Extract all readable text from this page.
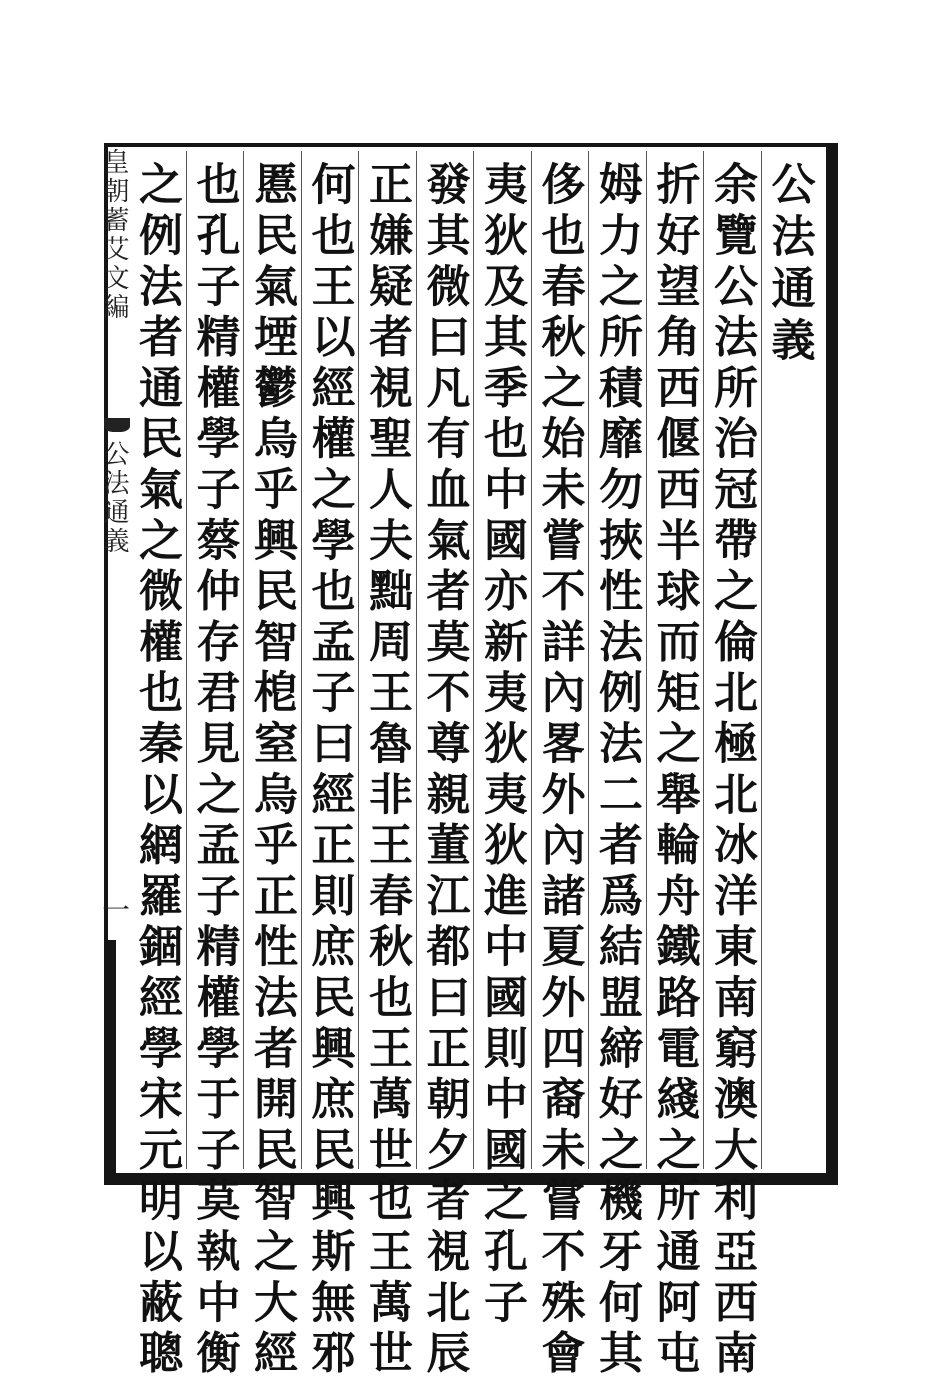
公法通義
余覽公法所治冠帶之倫北極北冰洋東南窮澳大利亞西南
折好望角西偃西半球而矩之舉輪舟鐵路電綫之所通阿屯
姆力之所積靡勿挾性法例法二者爲結盟締好之機牙何其
侈也春秋之始未嘗不詳內畧外內諸夏外四裔未嘗不殊會
夷狄及其季也中國亦新夷狄夷狄進中國則中國之孔子
發其微曰凡有血氣者莫不尊親董江都曰正朝夕者視北辰
正嫌疑者視聖人夫黜周王魯非王春秋也王萬世也王萬世
何也王以經權之學也孟子曰經正則庶民興庶民興斯無邪
慝民氣堙鬱烏乎興民智梎窒烏乎正性法者開民智之大經
也孔子精權學子蔡仲存君見之孟子精權學于子莫執中衡
之例法者通民氣之微權也秦以網羅錮經學宋元明以蔽聰
皇朝蓄艾文編
公法通義
一
